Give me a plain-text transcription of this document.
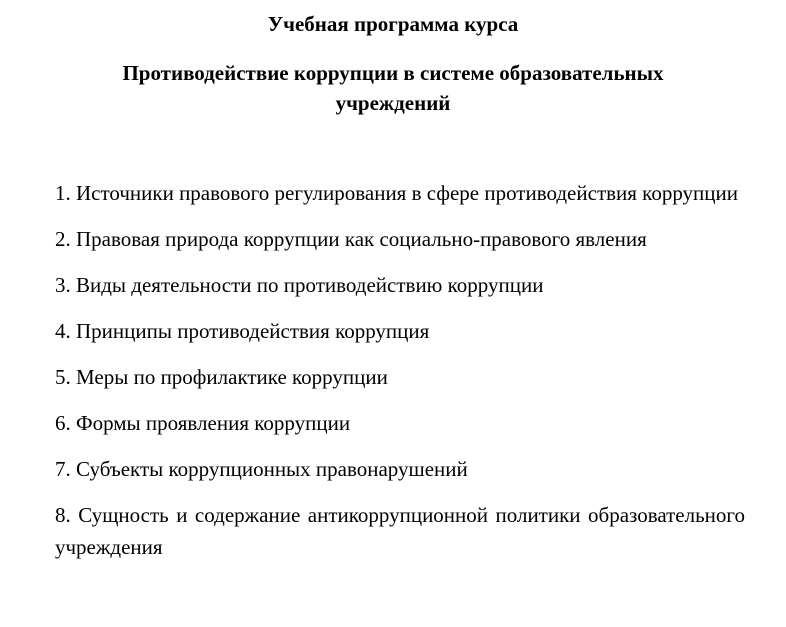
Учебная программа курса
Противодействие коррупции в системе образовательных учреждений
1. Источники правового регулирования в сфере противодействия коррупции
2. Правовая природа коррупции как социально-правового явления
3. Виды деятельности по противодействию коррупции
4. Принципы противодействия коррупция
5. Меры по профилактике коррупции
6. Формы проявления коррупции
7. Субъекты коррупционных правонарушений
8. Сущность и содержание антикоррупционной политики образовательного учреждения
